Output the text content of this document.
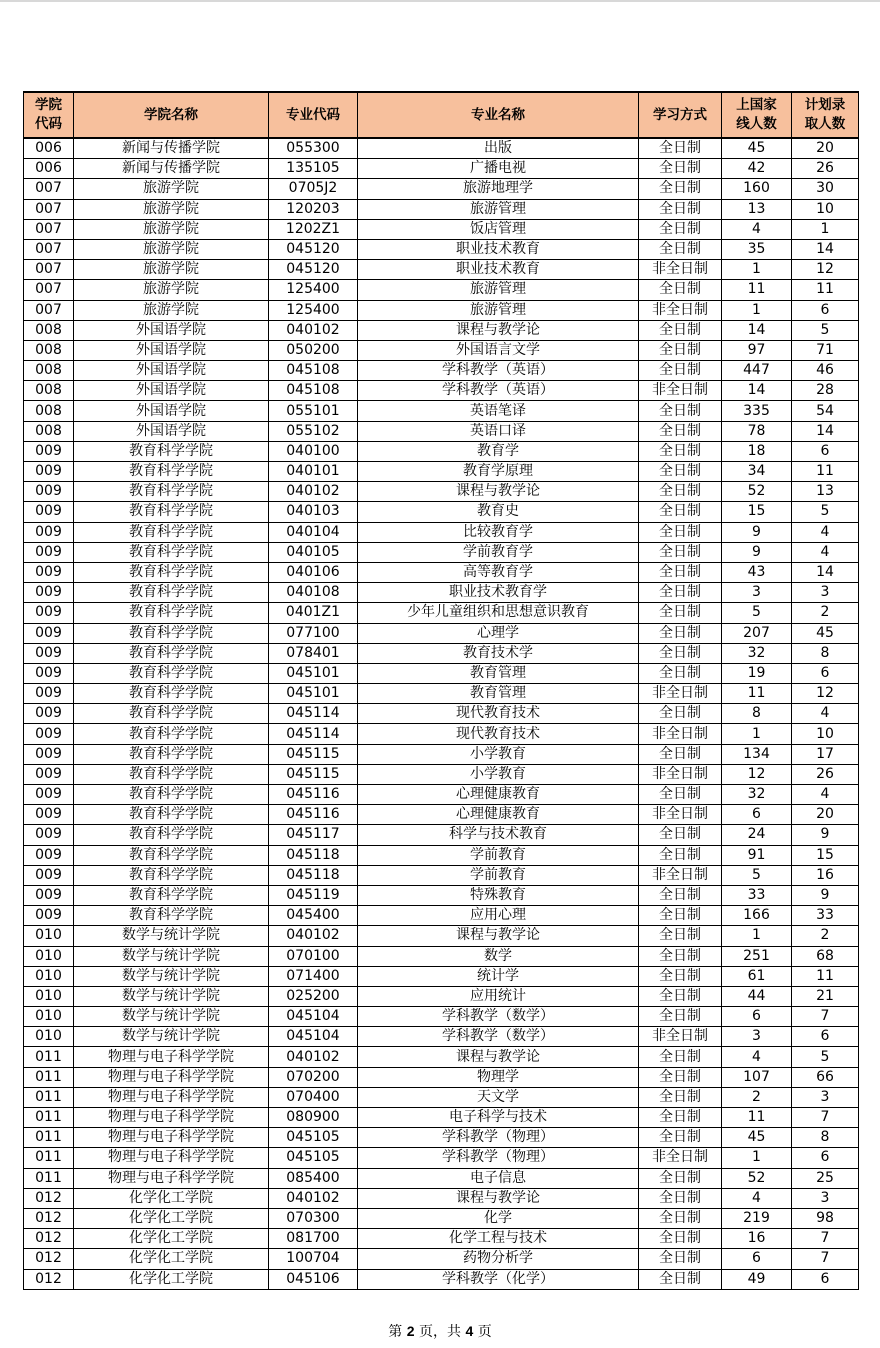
学院代码	学院名称	专业代码	专业名称	学习方式	上国家线人数	计划录取人数
006	新闻与传播学院	055300	出版	全日制	45	20
006	新闻与传播学院	135105	广播电视	全日制	42	26
007	旅游学院	0705J2	旅游地理学	全日制	160	30
007	旅游学院	120203	旅游管理	全日制	13	10
007	旅游学院	1202Z1	饭店管理	全日制	4	1
007	旅游学院	045120	职业技术教育	全日制	35	14
007	旅游学院	045120	职业技术教育	非全日制	1	12
007	旅游学院	125400	旅游管理	全日制	11	11
007	旅游学院	125400	旅游管理	非全日制	1	6
008	外国语学院	040102	课程与教学论	全日制	14	5
008	外国语学院	050200	外国语言文学	全日制	97	71
008	外国语学院	045108	学科教学（英语）	全日制	447	46
008	外国语学院	045108	学科教学（英语）	非全日制	14	28
008	外国语学院	055101	英语笔译	全日制	335	54
008	外国语学院	055102	英语口译	全日制	78	14
009	教育科学学院	040100	教育学	全日制	18	6
009	教育科学学院	040101	教育学原理	全日制	34	11
009	教育科学学院	040102	课程与教学论	全日制	52	13
009	教育科学学院	040103	教育史	全日制	15	5
009	教育科学学院	040104	比较教育学	全日制	9	4
009	教育科学学院	040105	学前教育学	全日制	9	4
009	教育科学学院	040106	高等教育学	全日制	43	14
009	教育科学学院	040108	职业技术教育学	全日制	3	3
009	教育科学学院	0401Z1	少年儿童组织和思想意识教育	全日制	5	2
009	教育科学学院	077100	心理学	全日制	207	45
009	教育科学学院	078401	教育技术学	全日制	32	8
009	教育科学学院	045101	教育管理	全日制	19	6
009	教育科学学院	045101	教育管理	非全日制	11	12
009	教育科学学院	045114	现代教育技术	全日制	8	4
009	教育科学学院	045114	现代教育技术	非全日制	1	10
009	教育科学学院	045115	小学教育	全日制	134	17
009	教育科学学院	045115	小学教育	非全日制	12	26
009	教育科学学院	045116	心理健康教育	全日制	32	4
009	教育科学学院	045116	心理健康教育	非全日制	6	20
009	教育科学学院	045117	科学与技术教育	全日制	24	9
009	教育科学学院	045118	学前教育	全日制	91	15
009	教育科学学院	045118	学前教育	非全日制	5	16
009	教育科学学院	045119	特殊教育	全日制	33	9
009	教育科学学院	045400	应用心理	全日制	166	33
010	数学与统计学院	040102	课程与教学论	全日制	1	2
010	数学与统计学院	070100	数学	全日制	251	68
010	数学与统计学院	071400	统计学	全日制	61	11
010	数学与统计学院	025200	应用统计	全日制	44	21
010	数学与统计学院	045104	学科教学（数学）	全日制	6	7
010	数学与统计学院	045104	学科教学（数学）	非全日制	3	6
011	物理与电子科学学院	040102	课程与教学论	全日制	4	5
011	物理与电子科学学院	070200	物理学	全日制	107	66
011	物理与电子科学学院	070400	天文学	全日制	2	3
011	物理与电子科学学院	080900	电子科学与技术	全日制	11	7
011	物理与电子科学学院	045105	学科教学（物理）	全日制	45	8
011	物理与电子科学学院	045105	学科教学（物理）	非全日制	1	6
011	物理与电子科学学院	085400	电子信息	全日制	52	25
012	化学化工学院	040102	课程与教学论	全日制	4	3
012	化学化工学院	070300	化学	全日制	219	98
012	化学化工学院	081700	化学工程与技术	全日制	16	7
012	化学化工学院	100704	药物分析学	全日制	6	7
012	化学化工学院	045106	学科教学（化学）	全日制	49	6
第 2 页，共 4 页
